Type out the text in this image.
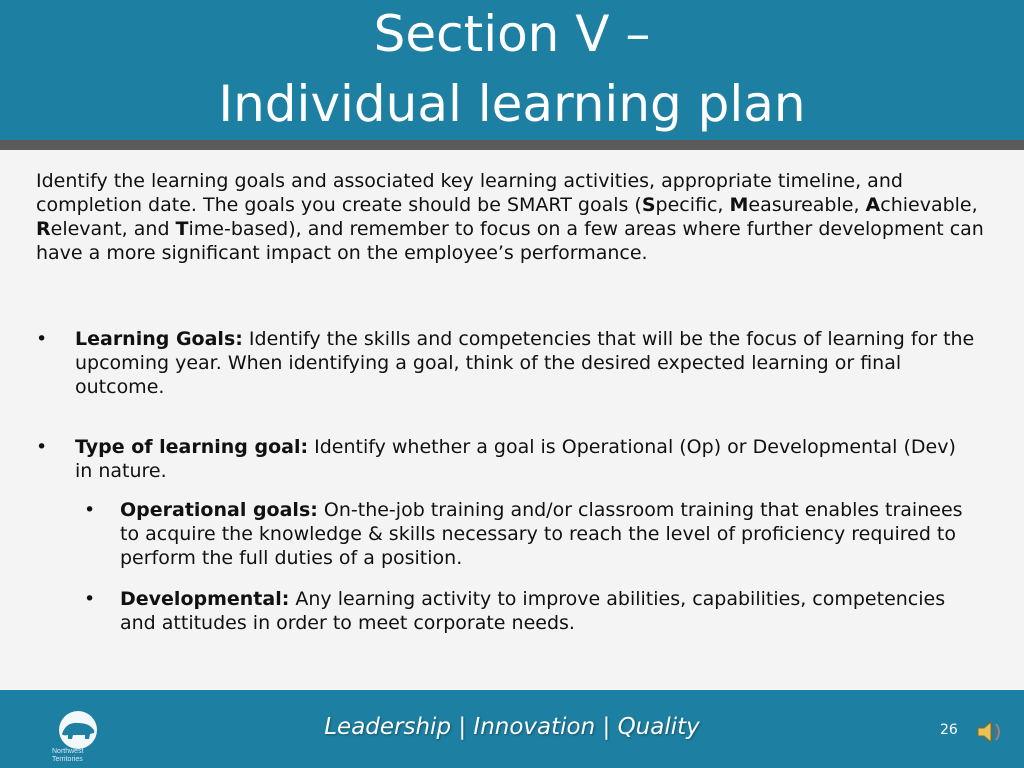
Section V –
Individual learning plan
Identify the learning goals and associated key learning activities, appropriate timeline, and completion date. The goals you create should be SMART goals (Specific, Measureable, Achievable, Relevant, and Time-based), and remember to focus on a few areas where further development can have a more significant impact on the employee’s performance.
• Learning Goals: Identify the skills and competencies that will be the focus of learning for the upcoming year. When identifying a goal, think of the desired expected learning or final outcome.
• Type of learning goal: Identify whether a goal is Operational (Op) or Developmental (Dev) in nature.
• Operational goals: On-the-job training and/or classroom training that enables trainees to acquire the knowledge & skills necessary to reach the level of proficiency required to perform the full duties of a position.
• Developmental: Any learning activity to improve abilities, capabilities, competencies and attitudes in order to meet corporate needs.
Northwest
Territories
Leadership | Innovation | Quality	26
